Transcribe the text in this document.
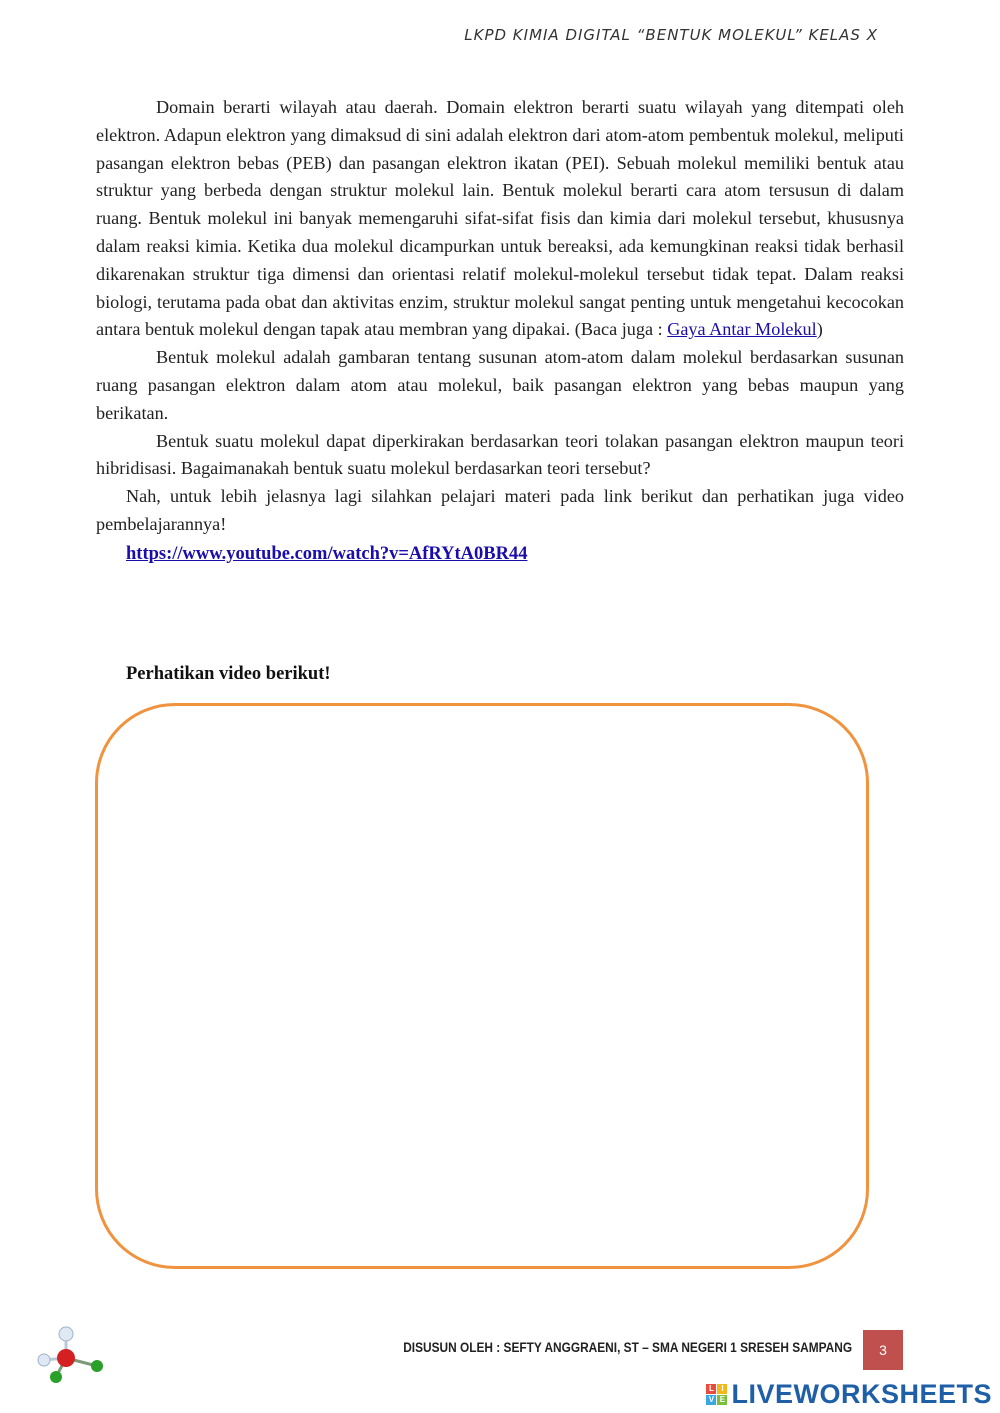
LKPD KIMIA DIGITAL “BENTUK MOLEKUL” KELAS X

Domain berarti wilayah atau daerah. Domain elektron berarti suatu wilayah yang ditempati oleh elektron. Adapun elektron yang dimaksud di sini adalah elektron dari atom-atom pembentuk molekul, meliputi pasangan elektron bebas (PEB) dan pasangan elektron ikatan (PEI). Sebuah molekul memiliki bentuk atau struktur yang berbeda dengan struktur molekul lain. Bentuk molekul berarti cara atom tersusun di dalam ruang. Bentuk molekul ini banyak memengaruhi sifat-sifat fisis dan kimia dari molekul tersebut, khususnya dalam reaksi kimia. Ketika dua molekul dicampurkan untuk bereaksi, ada kemungkinan reaksi tidak berhasil dikarenakan struktur tiga dimensi dan orientasi relatif molekul-molekul tersebut tidak tepat. Dalam reaksi biologi, terutama pada obat dan aktivitas enzim, struktur molekul sangat penting untuk mengetahui kecocokan antara bentuk molekul dengan tapak atau membran yang dipakai. (Baca juga : Gaya Antar Molekul)

Bentuk molekul adalah gambaran tentang susunan atom-atom dalam molekul berdasarkan susunan ruang pasangan elektron dalam atom atau molekul, baik pasangan elektron yang bebas maupun yang berikatan.

Bentuk suatu molekul dapat diperkirakan berdasarkan teori tolakan pasangan elektron maupun teori hibridisasi. Bagaimanakah bentuk suatu molekul berdasarkan teori tersebut?

Nah, untuk lebih jelasnya lagi silahkan pelajari materi pada link berikut dan perhatikan juga video pembelajarannya!

https://www.youtube.com/watch?v=AfRYtA0BR44
Perhatikan video berikut!
DISUSUN OLEH : SEFTY ANGGRAENI, ST – SMA NEGERI 1 SRESEH SAMPANG	3
L I
V E LIVEWORKSHEETS
